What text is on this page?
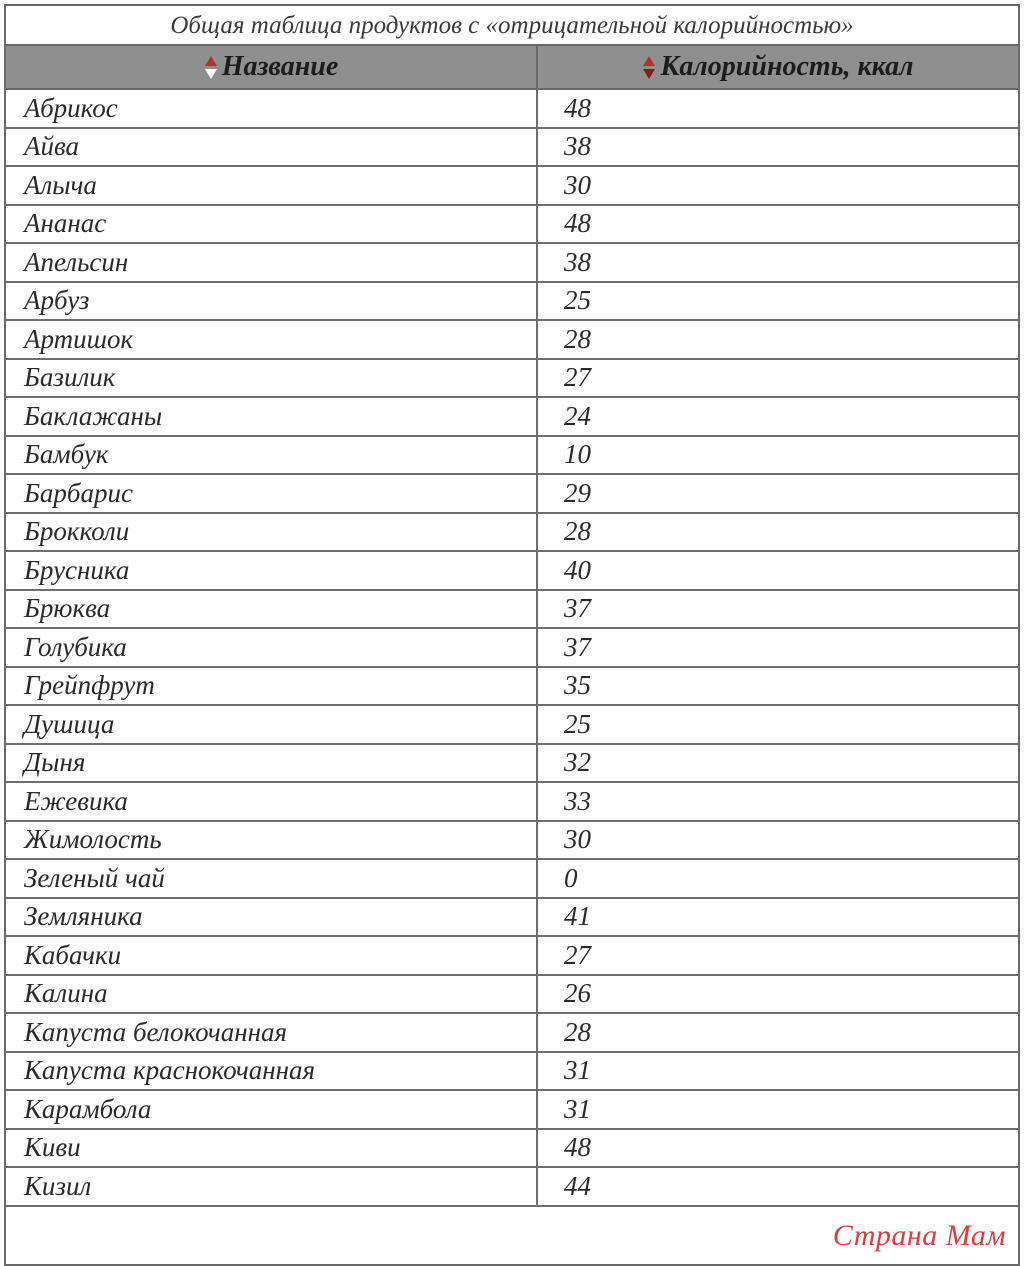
Общая таблица продуктов с «отрицательной калорийностью»
Название	Калорийность, ккал
Абрикос	48
Айва	38
Алыча	30
Ананас	48
Апельсин	38
Арбуз	25
Артишок	28
Базилик	27
Баклажаны	24
Бамбук	10
Барбарис	29
Брокколи	28
Брусника	40
Брюква	37
Голубика	37
Грейпфрут	35
Душица	25
Дыня	32
Ежевика	33
Жимолость	30
Зеленый чай	0
Земляника	41
Кабачки	27
Калина	26
Капуста белокочанная	28
Капуста краснокочанная	31
Карамбола	31
Киви	48
Кизил	44
Страна Мам
